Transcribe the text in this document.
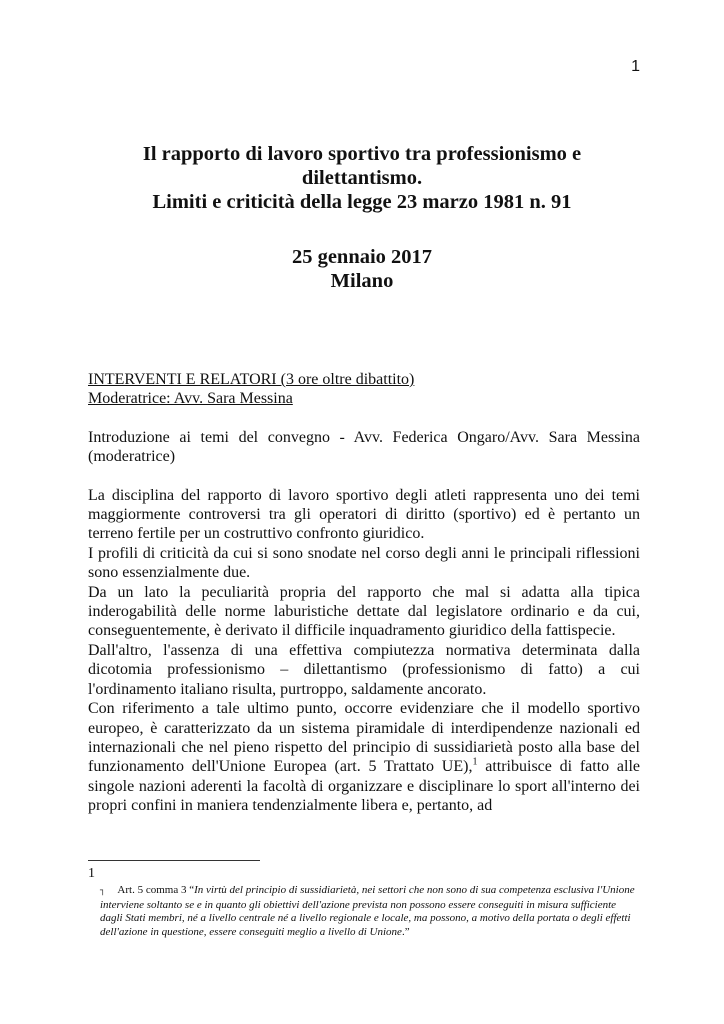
1
Il rapporto di lavoro sportivo tra professionismo e
dilettantismo.
Limiti e criticità della legge 23 marzo 1981 n. 91
25 gennaio 2017
Milano
INTERVENTI E RELATORI (3 ore oltre dibattito)
Moderatrice: Avv. Sara Messina
Introduzione ai temi del convegno - Avv. Federica Ongaro/Avv. Sara Messina (moderatrice)

La disciplina del rapporto di lavoro sportivo degli atleti rappresenta uno dei temi maggiormente controversi tra gli operatori di diritto (sportivo) ed è pertanto un terreno fertile per un costruttivo confronto giuridico.

I profili di criticità da cui si sono snodate nel corso degli anni le principali riflessioni sono essenzialmente due.

Da un lato la peculiarità propria del rapporto che mal si adatta alla tipica inderogabilità delle norme laburistiche dettate dal legislatore ordinario e da cui, conseguentemente, è derivato il difficile inquadramento giuridico della fattispecie.

Dall'altro, l'assenza di una effettiva compiutezza normativa determinata dalla dicotomia professionismo – dilettantismo (professionismo di fatto) a cui l'ordinamento italiano risulta, purtroppo, saldamente ancorato.

Con riferimento a tale ultimo punto, occorre evidenziare che il modello sportivo europeo, è caratterizzato da un sistema piramidale di interdipendenze nazionali ed internazionali che nel pieno rispetto del principio di sussidiarietà posto alla base del funzionamento dell'Unione Europea (art. 5 Trattato UE),$^1$ attribuisce di fatto alle singole nazioni aderenti la facoltà di organizzare e disciplinare lo sport all'interno dei propri confini in maniera tendenzialmente libera e, pertanto, ad

1
┐ Art. 5 comma 3 “In virtù del principio di sussidiarietà, nei settori che non sono di sua competenza esclusiva l'Unione interviene soltanto se e in quanto gli obiettivi dell'azione prevista non possono essere conseguiti in misura sufficiente dagli Stati membri, né a livello centrale né a livello regionale e locale, ma possono, a motivo della portata o degli effetti dell'azione in questione, essere conseguiti meglio a livello di Unione.”
